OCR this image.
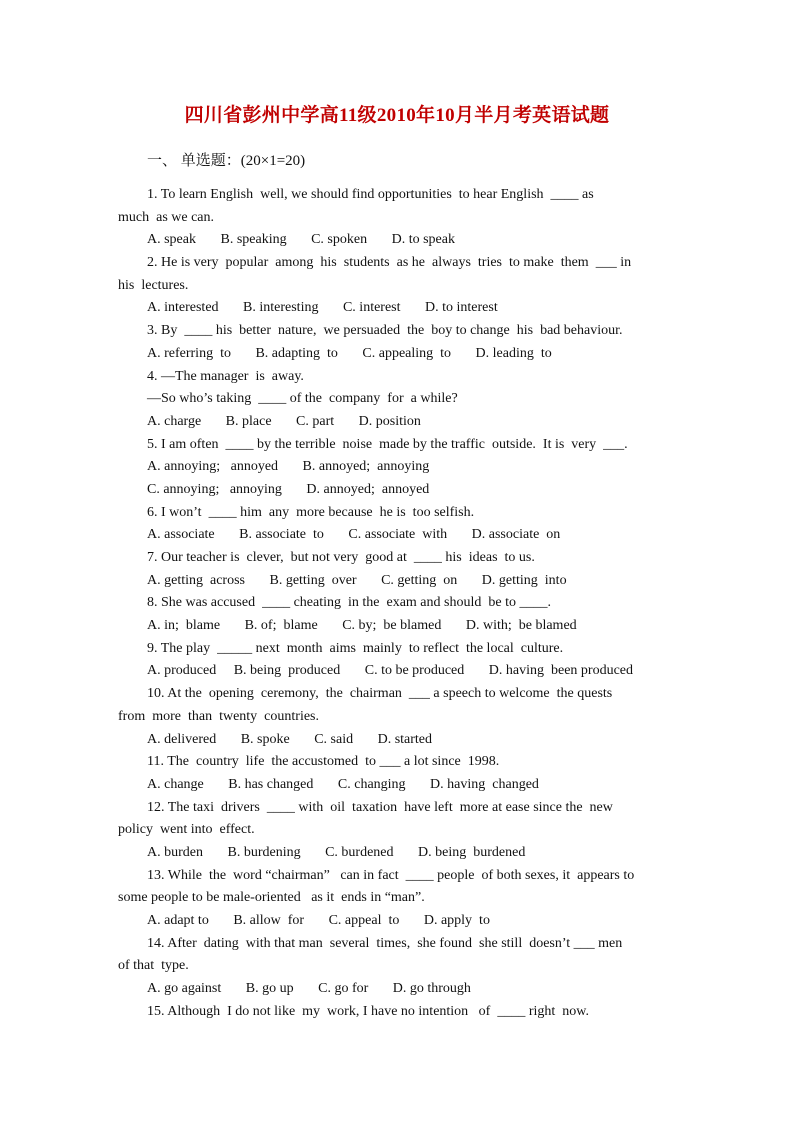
四川省彭州中学高11级2010年10月半月考英语试题
一、 单选题：(20×1=20)
1. To learn English  well, we should find opportunities  to hear English  ____ as
much  as we can.
A. speak       B. speaking       C. spoken       D. to speak
2. He is very  popular  among  his  students  as he  always  tries  to make  them  ___ in
his  lectures.
A. interested       B. interesting       C. interest       D. to interest
3. By  ____ his  better  nature,  we persuaded  the  boy to change  his  bad behaviour.
A. referring  to       B. adapting  to       C. appealing  to       D. leading  to
4. —The manager  is  away.
—So who’s taking  ____ of the  company  for  a while?
A. charge       B. place       C. part       D. position
5. I am often  ____ by the terrible  noise  made by the traffic  outside.  It is  very  ___.
A. annoying;   annoyed       B. annoyed;  annoying
C. annoying;   annoying       D. annoyed;  annoyed
6. I won’t  ____ him  any  more because  he is  too selfish.
A. associate       B. associate  to       C. associate  with       D. associate  on
7. Our teacher is  clever,  but not very  good at  ____ his  ideas  to us.
A. getting  across       B. getting  over       C. getting  on       D. getting  into
8. She was accused  ____ cheating  in the  exam and should  be to ____.
A. in;  blame       B. of;  blame       C. by;  be blamed       D. with;  be blamed
9. The play  _____ next  month  aims  mainly  to reflect  the local  culture.
A. produced     B. being  produced       C. to be produced       D. having  been produced
10. At the  opening  ceremony,  the  chairman  ___ a speech to welcome  the quests
from  more  than  twenty  countries.
A. delivered       B. spoke       C. said       D. started
11. The  country  life  the accustomed  to ___ a lot since  1998.
A. change       B. has changed       C. changing       D. having  changed
12. The taxi  drivers  ____ with  oil  taxation  have left  more at ease since the  new
policy  went into  effect.
A. burden       B. burdening       C. burdened       D. being  burdened
13. While  the  word “chairman”   can in fact  ____ people  of both sexes, it  appears to
some people to be male-oriented   as it  ends in “man”.
A. adapt to       B. allow  for       C. appeal  to       D. apply  to
14. After  dating  with that man  several  times,  she found  she still  doesn’t ___ men
of that  type.
A. go against       B. go up       C. go for       D. go through
15. Although  I do not like  my  work, I have no intention   of  ____ right  now.
